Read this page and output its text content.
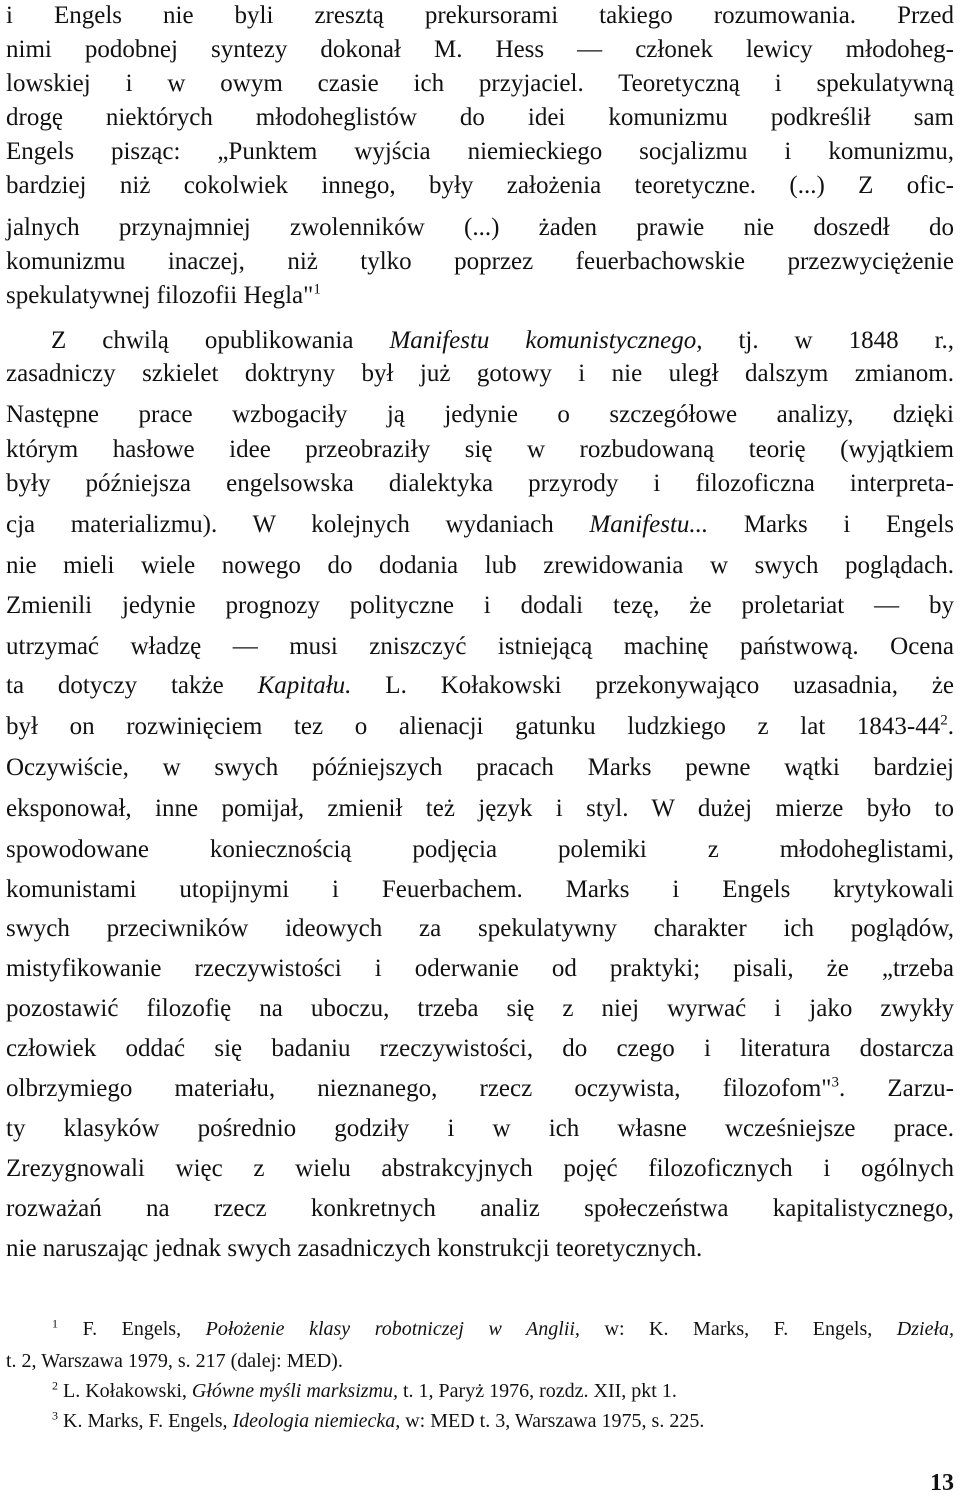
i Engels nie byli zresztą prekursorami takiego rozumowania. Przed
nimi podobnej syntezy dokonał M. Hess — członek lewicy młodoheg-
lowskiej i w owym czasie ich przyjaciel. Teoretyczną i spekulatywną
drogę niektórych młodoheglistów do idei komunizmu podkreślił sam
Engels pisząc: „Punktem wyjścia niemieckiego socjalizmu i komunizmu,
bardziej niż cokolwiek innego, były założenia teoretyczne. (...) Z ofic-
jalnych przynajmniej zwolenników (...) żaden prawie nie doszedł do
komunizmu inaczej, niż tylko poprzez feuerbachowskie przezwyciężenie
spekulatywnej filozofii Hegla"$^1$
Z chwilą opublikowania Manifestu komunistycznego, tj. w 1848 r.,
zasadniczy szkielet doktryny był już gotowy i nie uległ dalszym zmianom.
Następne prace wzbogaciły ją jedynie o szczegółowe analizy, dzięki
którym hasłowe idee przeobraziły się w rozbudowaną teorię (wyjątkiem
były późniejsza engelsowska dialektyka przyrody i filozoficzna interpreta-
cja materializmu). W kolejnych wydaniach Manifestu... Marks i Engels
nie mieli wiele nowego do dodania lub zrewidowania w swych poglądach.
Zmienili jedynie prognozy polityczne i dodali tezę, że proletariat — by
utrzymać władzę — musi zniszczyć istniejącą machinę państwową. Ocena
ta dotyczy także Kapitału. L. Kołakowski przekonywająco uzasadnia, że
był on rozwinięciem tez o alienacji gatunku ludzkiego z lat $1843-44^2$.
Oczywiście, w swych późniejszych pracach Marks pewne wątki bardziej
eksponował, inne pomijał, zmienił też język i styl. W dużej mierze było to
spowodowane koniecznością podjęcia polemiki z młodoheglistami,
komunistami utopijnymi i Feuerbachem. Marks i Engels krytykowali
swych przeciwników ideowych za spekulatywny charakter ich poglądów,
mistyfikowanie rzeczywistości i oderwanie od praktyki; pisali, że „trzeba
pozostawić filozofię na uboczu, trzeba się z niej wyrwać i jako zwykły
człowiek oddać się badaniu rzeczywistości, do czego i literatura dostarcza
olbrzymiego materiału, nieznanego, rzecz oczywista, filozofom"$^3$. Zarzu-
ty klasyków pośrednio godziły i w ich własne wcześniejsze prace.
Zrezygnowali więc z wielu abstrakcyjnych pojęć filozoficznych i ogólnych
rozważań na rzecz konkretnych analiz społeczeństwa kapitalistycznego,
nie naruszając jednak swych zasadniczych konstrukcji teoretycznych.
$^1$ F. Engels, Położenie klasy robotniczej w Anglii, w: K. Marks, F. Engels, Dzieła,
t. 2, Warszawa 1979, s. 217 (dalej: MED).
$^2$ L. Kołakowski, Główne myśli marksizmu, t. 1, Paryż 1976, rozdz. XII, pkt 1.
$^3$ K. Marks, F. Engels, Ideologia niemiecka, w: MED t. 3, Warszawa 1975, s. 225.
13
